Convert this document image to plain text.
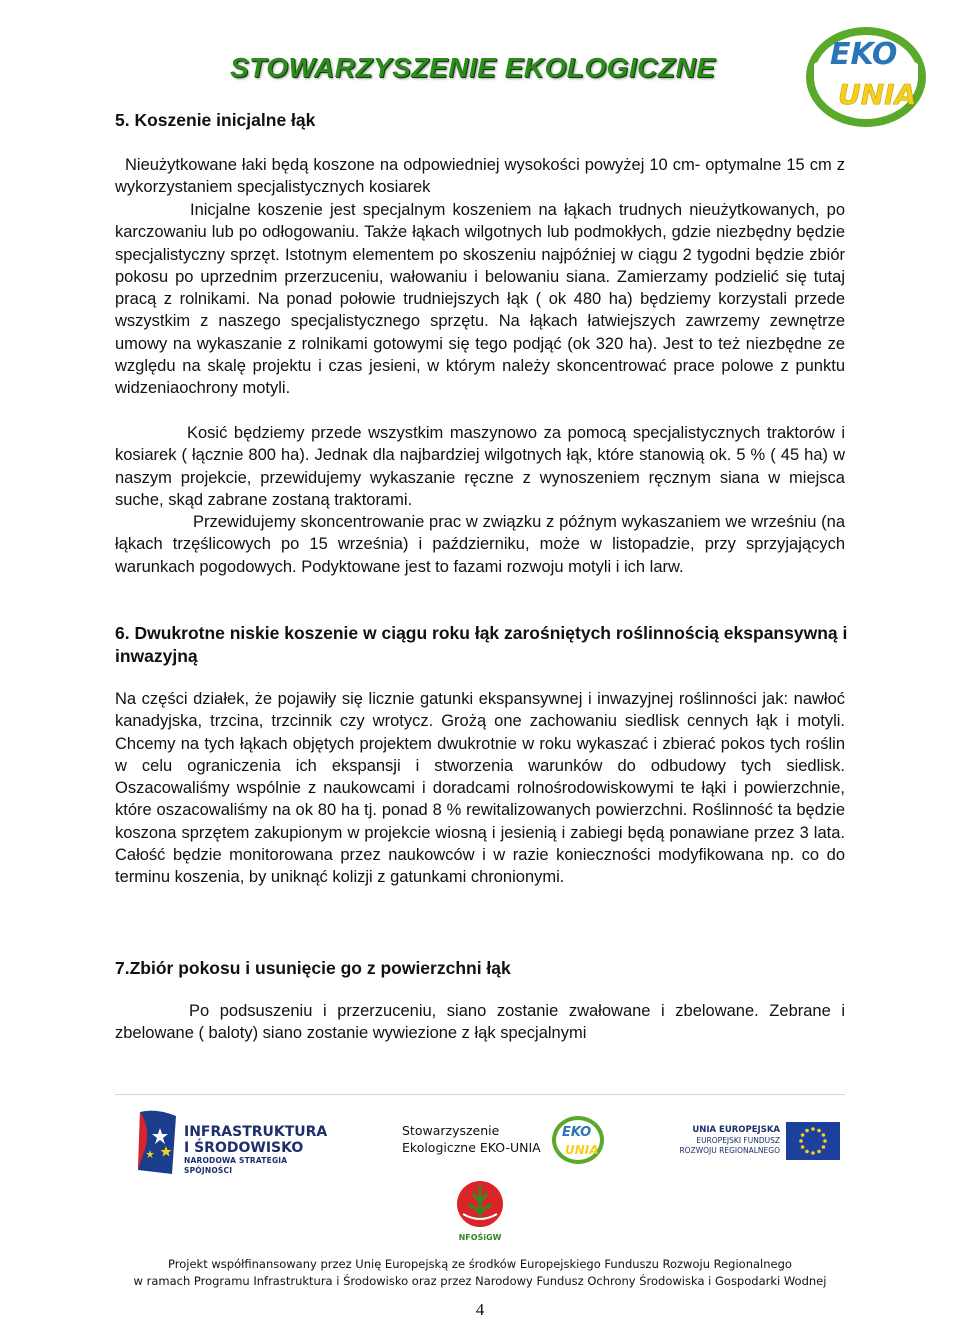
STOWARZYSZENIE EKOLOGICZNE	EKO
UNIA
5. Koszenie inicjalne łąk

Nieużytkowane łaki będą koszone na odpowiedniej wysokości powyżej 10 cm- optymalne 15 cm z wykorzystaniem specjalistycznych kosiarek

Inicjalne koszenie jest specjalnym koszeniem na łąkach trudnych nieużytkowanych, po karczowaniu lub po odłogowaniu. Także łąkach wilgotnych lub podmokłych, gdzie niezbędny będzie specjalistyczny sprzęt. Istotnym elementem po skoszeniu najpóźniej w ciągu 2 tygodni będzie zbiór pokosu po uprzednim przerzuceniu, wałowaniu i belowaniu siana. Zamierzamy podzielić się tutaj pracą z rolnikami. Na ponad połowie trudniejszych łąk ( ok 480 ha) będziemy korzystali przede wszystkim z naszego specjalistycznego sprzętu. Na łąkach łatwiejszych zawrzemy zewnętrze umowy na wykaszanie z rolnikami gotowymi się tego podjąć (ok 320 ha). Jest to też niezbędne ze względu na skalę projektu i czas jesieni, w którym należy skoncentrować prace polowe z punktu widzeniaochrony motyli.

Kosić będziemy przede wszystkim maszynowo za pomocą specjalistycznych traktorów i kosiarek ( łącznie 800 ha). Jednak dla najbardziej wilgotnych łąk, które stanowią ok. 5 % ( 45 ha) w naszym projekcie, przewidujemy wykaszanie ręczne z wynoszeniem ręcznym siana w miejsca suche, skąd zabrane zostaną traktorami.

Przewidujemy skoncentrowanie prac w związku z późnym wykaszaniem we wrześniu (na łąkach trzęślicowych po 15 września) i październiku, może w listopadzie, przy sprzyjających warunkach pogodowych. Podyktowane jest to fazami rozwoju motyli i ich larw.

6. Dwukrotne niskie koszenie w ciągu roku łąk zarośniętych roślinnością ekspansywną i inwazyjną

Na części działek, że pojawiły się licznie gatunki ekspansywnej i inwazyjnej roślinności jak: nawłoć kanadyjska, trzcina, trzcinnik czy wrotycz. Grożą one zachowaniu siedlisk cennych łąk i motyli. Chcemy na tych łąkach objętych projektem dwukrotnie w roku wykaszać i zbierać pokos tych roślin w celu ograniczenia ich ekspansji i stworzenia warunków do odbudowy tych siedlisk. Oszacowaliśmy wspólnie z naukowcami i doradcami rolnośrodowiskowymi te łąki i powierzchnie, które oszacowaliśmy na ok 80 ha tj. ponad 8 % rewitalizowanych powierzchni. Roślinność ta będzie koszona sprzętem zakupionym w projekcie wiosną i jesienią i zabiegi będą ponawiane przez 3 lata. Całość będzie monitorowana przez naukowców i w razie konieczności modyfikowana np. co do terminu koszenia, by uniknąć kolizji z gatunkami chronionymi.

7.Zbiór pokosu i usunięcie go z powierzchni łąk

Po podsuszeniu i przerzuceniu, siano zostanie zwałowane i zbelowane. Zebrane i zbelowane ( baloty) siano zostanie wywiezione z łąk specjalnymi

INFRASTRUKTURA
I ŚRODOWISKO
NARODOWA STRATEGIA SPÓJNOŚCI
Stowarzyszenie
Ekologiczne EKO-UNIA
EKO
UNIA
UNIA EUROPEJSKA
EUROPEJSKI FUNDUSZ
ROZWOJU REGIONALNEGO
NFOŚiGW

Projekt współfinansowany przez Unię Europejską ze środków Europejskiego Funduszu Rozwoju Regionalnego
w ramach Programu Infrastruktura i Środowisko oraz przez Narodowy Fundusz Ochrony Środowiska i Gospodarki Wodnej

4
